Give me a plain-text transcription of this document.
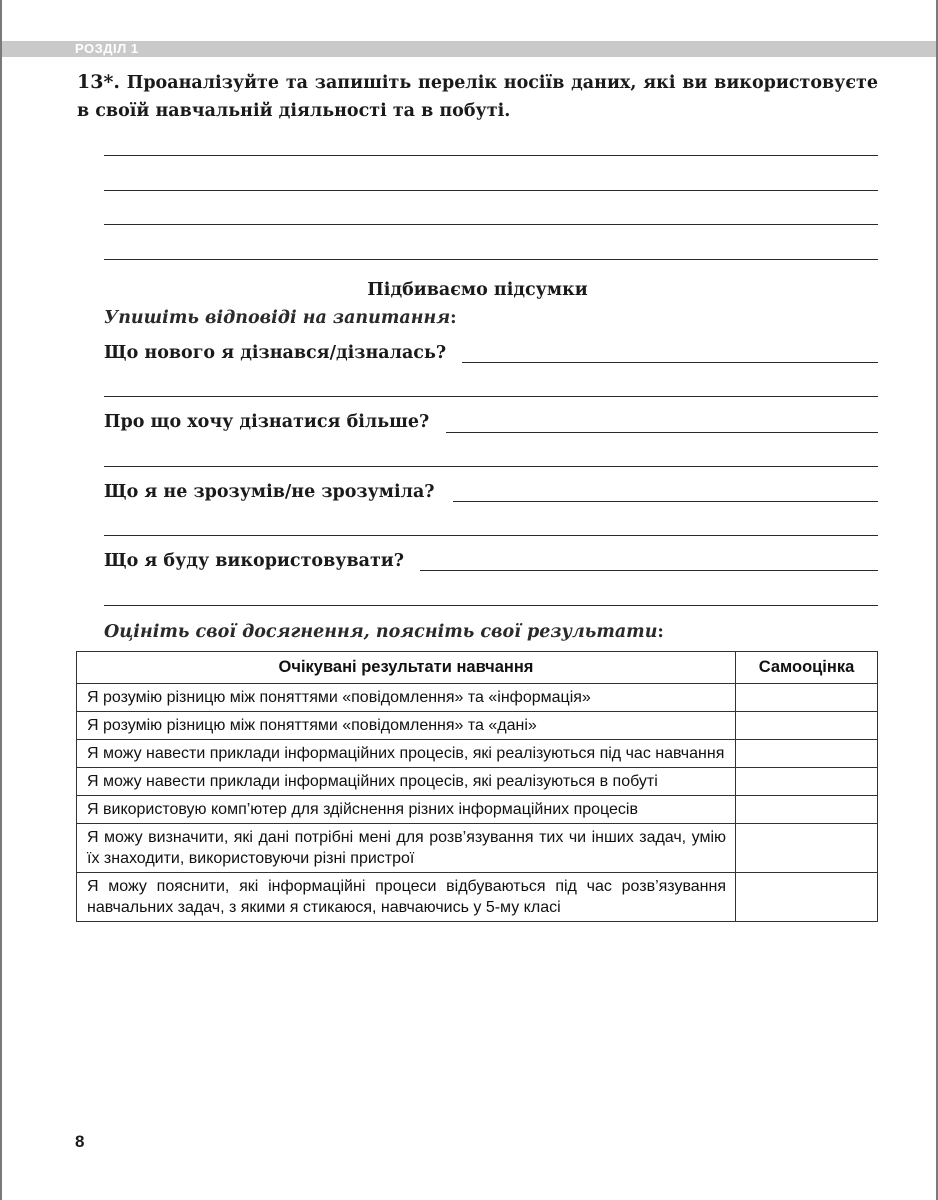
РОЗДІЛ 1
13*. Проаналізуйте та запишіть перелік носіїв даних, які ви використовуєте в своїй навчальній діяльності та в побуті.
Підбиваємо підсумки
Упишіть відповіді на запитання:
Що нового я дізнався/дізналась?
Про що хочу дізнатися більше?
Що я не зрозумів/не зрозуміла?
Що я буду використовувати?
Оцініть свої досягнення, поясніть свої результати:
Очікувані результати навчання	Самооцінка
Я розумію різницю між поняттями «повідомлення» та «інформація»	
Я розумію різницю між поняттями «повідомлення» та «дані»	
Я можу навести приклади інформаційних процесів, які реалізуються під час навчання	
Я можу навести приклади інформаційних процесів, які реалізуються в побуті	
Я використовую комп’ютер для здійснення різних інформаційних процесів	
Я можу визначити, які дані потрібні мені для розв’язування тих чи інших задач, умію їх знаходити, використовуючи різні пристрої	
Я можу пояснити, які інформаційні процеси відбуваються під час розв’язування навчальних задач, з якими я стикаюся, навчаючись у 5-му класі	
8
